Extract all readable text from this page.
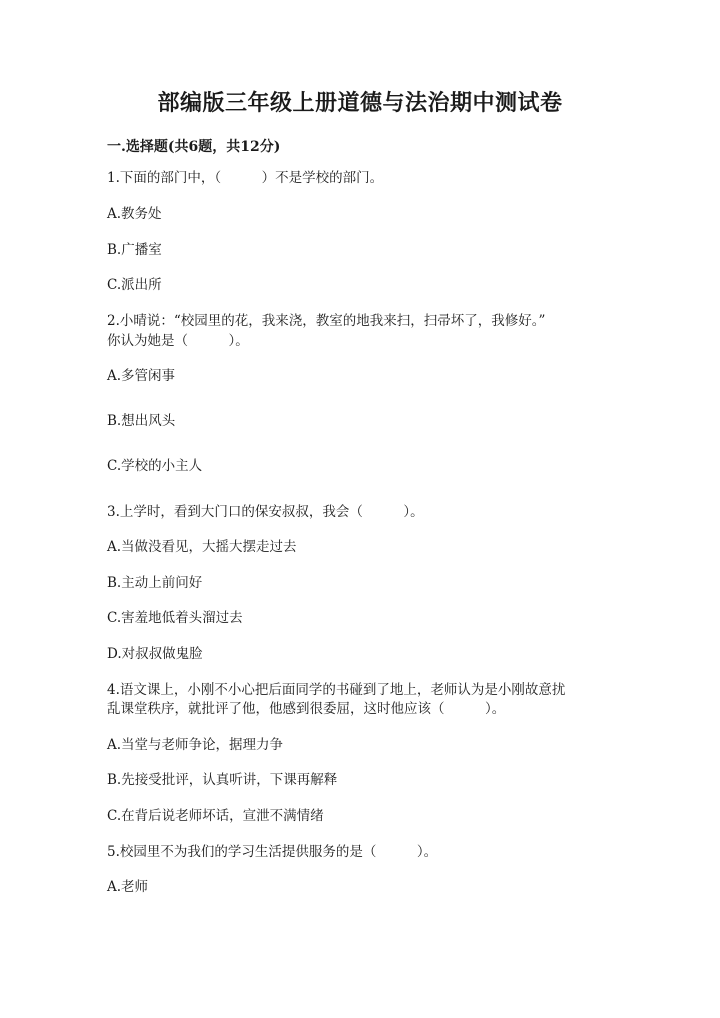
部编版三年级上册道德与法治期中测试卷
一.选择题(共6题，共12分)
1.下面的部门中，（　　　）不是学校的部门。
A.教务处
B.广播室
C.派出所
2.小晴说：“校园里的花，我来浇，教室的地我来扫，扫帚坏了，我修好。”
你认为她是（　　　）。
A.多管闲事
B.想出风头
C.学校的小主人
3.上学时，看到大门口的保安叔叔，我会（　　　）。
A.当做没看见，大摇大摆走过去
B.主动上前问好
C.害羞地低着头溜过去
D.对叔叔做鬼脸
4.语文课上，小刚不小心把后面同学的书碰到了地上，老师认为是小刚故意扰
乱课堂秩序，就批评了他，他感到很委屈，这时他应该（　　　）。
A.当堂与老师争论，据理力争
B.先接受批评，认真听讲，下课再解释
C.在背后说老师坏话，宣泄不满情绪
5.校园里不为我们的学习生活提供服务的是（　　　）。
A.老师
